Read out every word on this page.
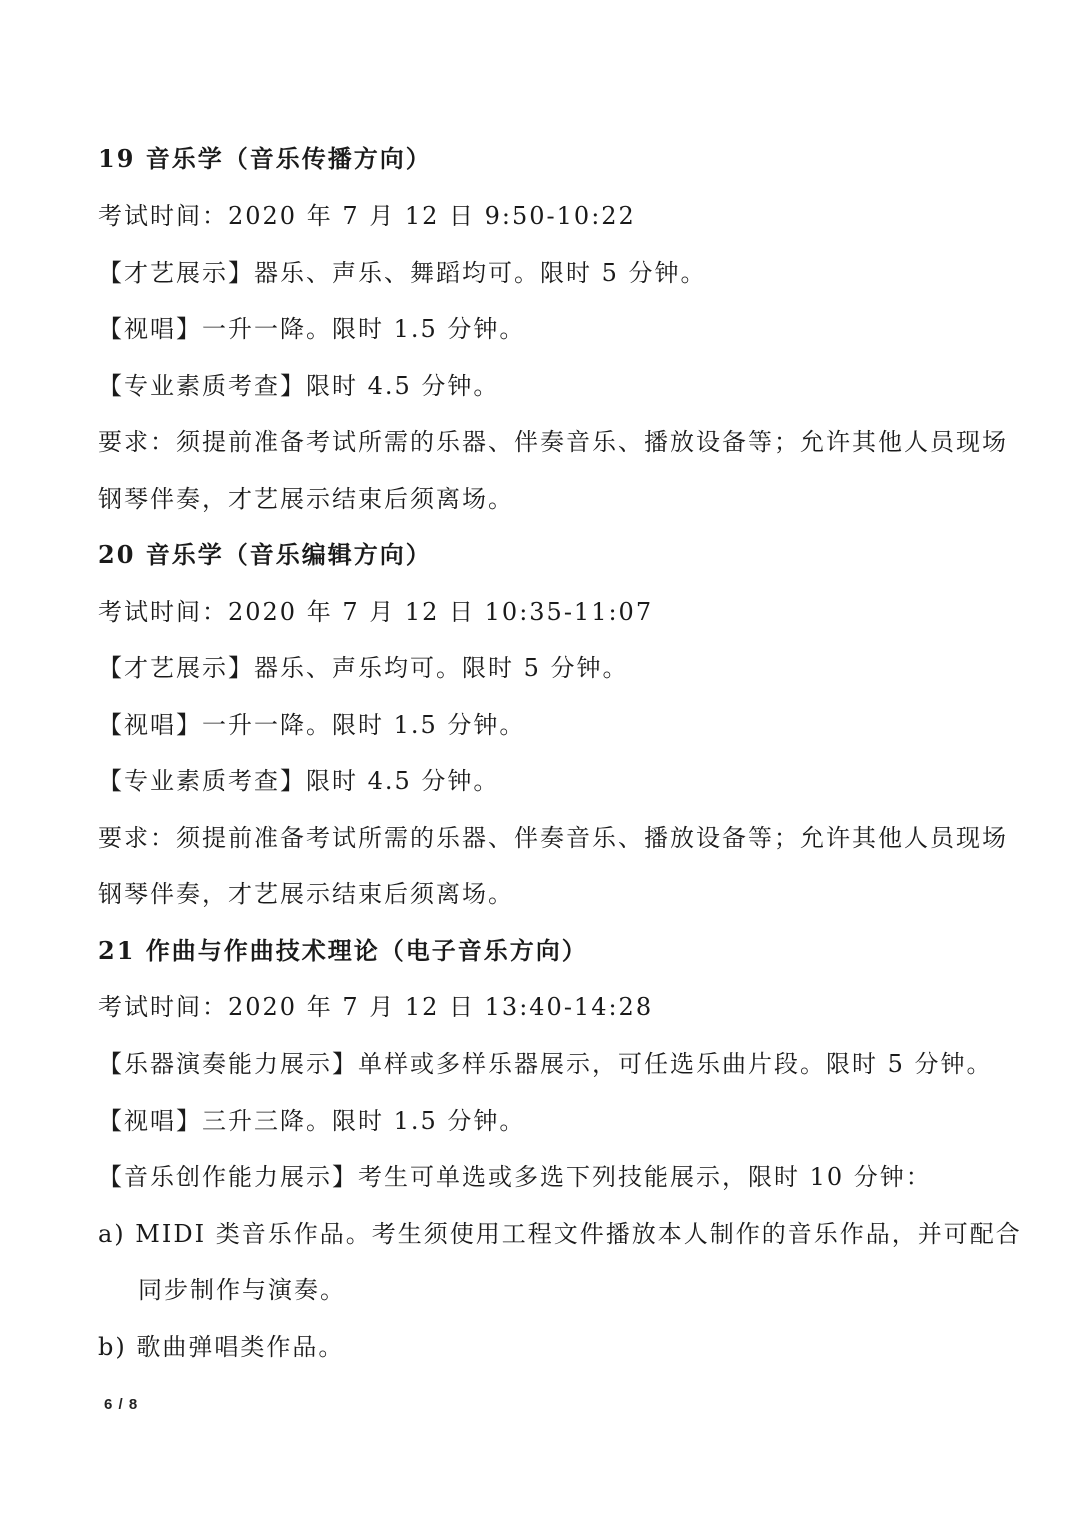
19 音乐学（音乐传播方向）
考试时间：2020 年 7 月 12 日 9:50-10:22
【才艺展示】器乐、声乐、舞蹈均可。限时 5 分钟。
【视唱】一升一降。限时 1.5 分钟。
【专业素质考查】限时 4.5 分钟。
要求：须提前准备考试所需的乐器、伴奏音乐、播放设备等；允许其他人员现场
钢琴伴奏，才艺展示结束后须离场。
20 音乐学（音乐编辑方向）
考试时间：2020 年 7 月 12 日 10:35-11:07
【才艺展示】器乐、声乐均可。限时 5 分钟。
【视唱】一升一降。限时 1.5 分钟。
【专业素质考查】限时 4.5 分钟。
要求：须提前准备考试所需的乐器、伴奏音乐、播放设备等；允许其他人员现场
钢琴伴奏，才艺展示结束后须离场。
21 作曲与作曲技术理论（电子音乐方向）
考试时间：2020 年 7 月 12 日 13:40-14:28
【乐器演奏能力展示】单样或多样乐器展示，可任选乐曲片段。限时 5 分钟。
【视唱】三升三降。限时 1.5 分钟。
【音乐创作能力展示】考生可单选或多选下列技能展示，限时 10 分钟：
a) MIDI 类音乐作品。考生须使用工程文件播放本人制作的音乐作品，并可配合
同步制作与演奏。
b) 歌曲弹唱类作品。
6 / 8
